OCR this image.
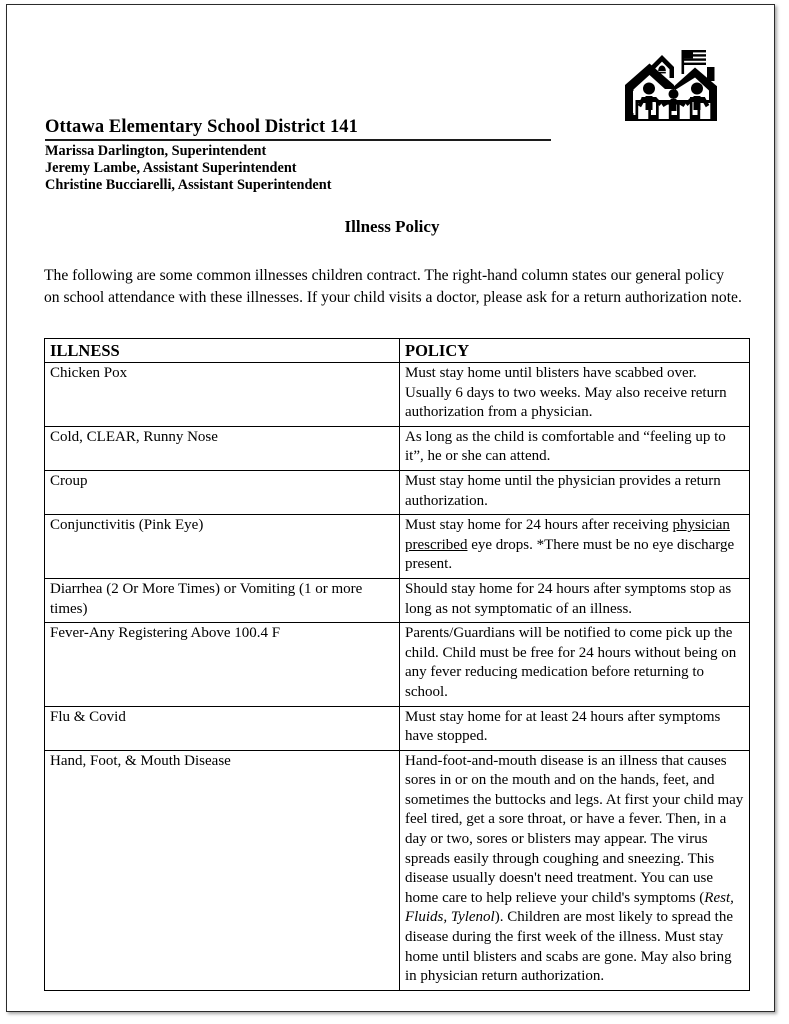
Ottawa Elementary School District 141
Marissa Darlington, Superintendent
Jeremy Lambe, Assistant Superintendent
Christine Bucciarelli, Assistant Superintendent
Illness Policy

The following are some common illnesses children contract. The right-hand column states our general policy on school attendance with these illnesses. If your child visits a doctor, please ask for a return authorization note.

ILLNESS	POLICY
Chicken Pox	Must stay home until blisters have scabbed over. Usually 6 days to two weeks. May also receive return authorization from a physician.
Cold, CLEAR, Runny Nose	As long as the child is comfortable and “feeling up to it”, he or she can attend.
Croup	Must stay home until the physician provides a return authorization.
Conjunctivitis (Pink Eye)	Must stay home for 24 hours after receiving physician prescribed eye drops. *There must be no eye discharge present.
Diarrhea (2 Or More Times) or Vomiting (1 or more times)	Should stay home for 24 hours after symptoms stop as long as not symptomatic of an illness.
Fever-Any Registering Above 100.4 F	Parents/Guardians will be notified to come pick up the child. Child must be free for 24 hours without being on any fever reducing medication before returning to school.
Flu & Covid	Must stay home for at least 24 hours after symptoms have stopped.
Hand, Foot, & Mouth Disease	Hand-foot-and-mouth disease is an illness that causes sores in or on the mouth and on the hands, feet, and sometimes the buttocks and legs. At first your child may feel tired, get a sore throat, or have a fever. Then, in a day or two, sores or blisters may appear. The virus spreads easily through coughing and sneezing. This disease usually doesn't need treatment. You can use home care to help relieve your child's symptoms (Rest, Fluids, Tylenol). Children are most likely to spread the disease during the first week of the illness. Must stay home until blisters and scabs are gone. May also bring in physician return authorization.
